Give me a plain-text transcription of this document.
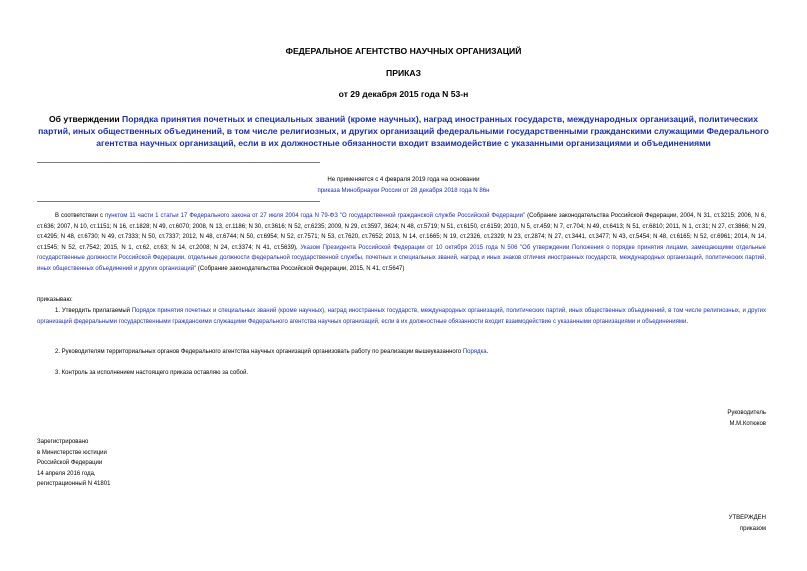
ФЕДЕРАЛЬНОЕ АГЕНТСТВО НАУЧНЫХ ОРГАНИЗАЦИЙ
ПРИКАЗ
от 29 декабря 2015 года N 53-н
Об утверждении Порядка принятия почетных и специальных званий (кроме научных), наград иностранных государств, международных организаций, политических партий, иных общественных объединений, в том числе религиозных, и других организаций федеральными государственными гражданскими служащими Федерального агентства научных организаций, если в их должностные обязанности входит взаимодействие с указанными организациями и объединениями
Не применяется с 4 февраля 2019 года на основании
приказа Минобрнауки России от 28 декабря 2018 года N 86н
В соответствии с пунктом 11 части 1 статьи 17 Федерального закона от 27 июля 2004 года N 79-ФЗ "О государственной гражданской службе Российской Федерации" (Собрание законодательства Российской Федерации, 2004, N 31, ст.3215; 2006, N 6, ст.636; 2007, N 10, ст.1151; N 16, ст.1828; N 49, ст.6070; 2008, N 13, ст.1186; N 30, ст.3616; N 52, ст.6235; 2009, N 29, ст.3597, 3624; N 48, ст.5719; N 51, ст.6150, ст.6159; 2010, N 5, ст.459; N 7, ст.704; N 49, ст.6413; N 51, ст.6810; 2011, N 1, ст.31; N 27, ст.3866; N 29, ст.4295; N 48, ст.6730; N 49, ст.7333; N 50, ст.7337; 2012, N 48, ст.6744; N 50, ст.6954; N 52, ст.7571; N 53, ст.7620, ст.7652; 2013, N 14, ст.1665; N 19, ст.2326, ст.2329; N 23, ст.2874; N 27, ст.3441, ст.3477; N 43, ст.5454; N 48, ст.6165; N 52, ст.6961; 2014, N 14, ст.1545; N 52, ст.7542; 2015, N 1, ст.62, ст.63; N 14, ст.2008; N 24, ст.3374; N 41, ст.5639), Указом Президента Российской Федерации от 10 октября 2015 года N 506 "Об утверждении Положения о порядке принятия лицами, замещающими отдельные государственные должности Российской Федерации, отдельные должности федеральной государственной службы, почетных и специальных званий, наград и иных знаков отличия иностранных государств, международных организаций, политических партий, иных общественных объединений и других организаций" (Собрание законодательства Российской Федерации, 2015, N 41, ст.5647)
приказываю:
1. Утвердить прилагаемый Порядок принятия почетных и специальных званий (кроме научных), наград иностранных государств, международных организаций, политических партий, иных общественных объединений, в том числе религиозных, и других организаций федеральными государственными гражданскими служащими Федерального агентства научных организаций, если в их должностные обязанности входит взаимодействие с указанными организациями и объединениями.
2. Руководителям территориальных органов Федерального агентства научных организаций организовать работу по реализации вышеуказанного Порядка.
3. Контроль за исполнением настоящего приказа оставляю за собой.
Руководитель
М.М.Котюков
Зарегистрировано
в Министерстве юстиции
Российской Федерации
14 апреля 2016 года,
регистрационный N 41801
УТВЕРЖДЕН
приказом
